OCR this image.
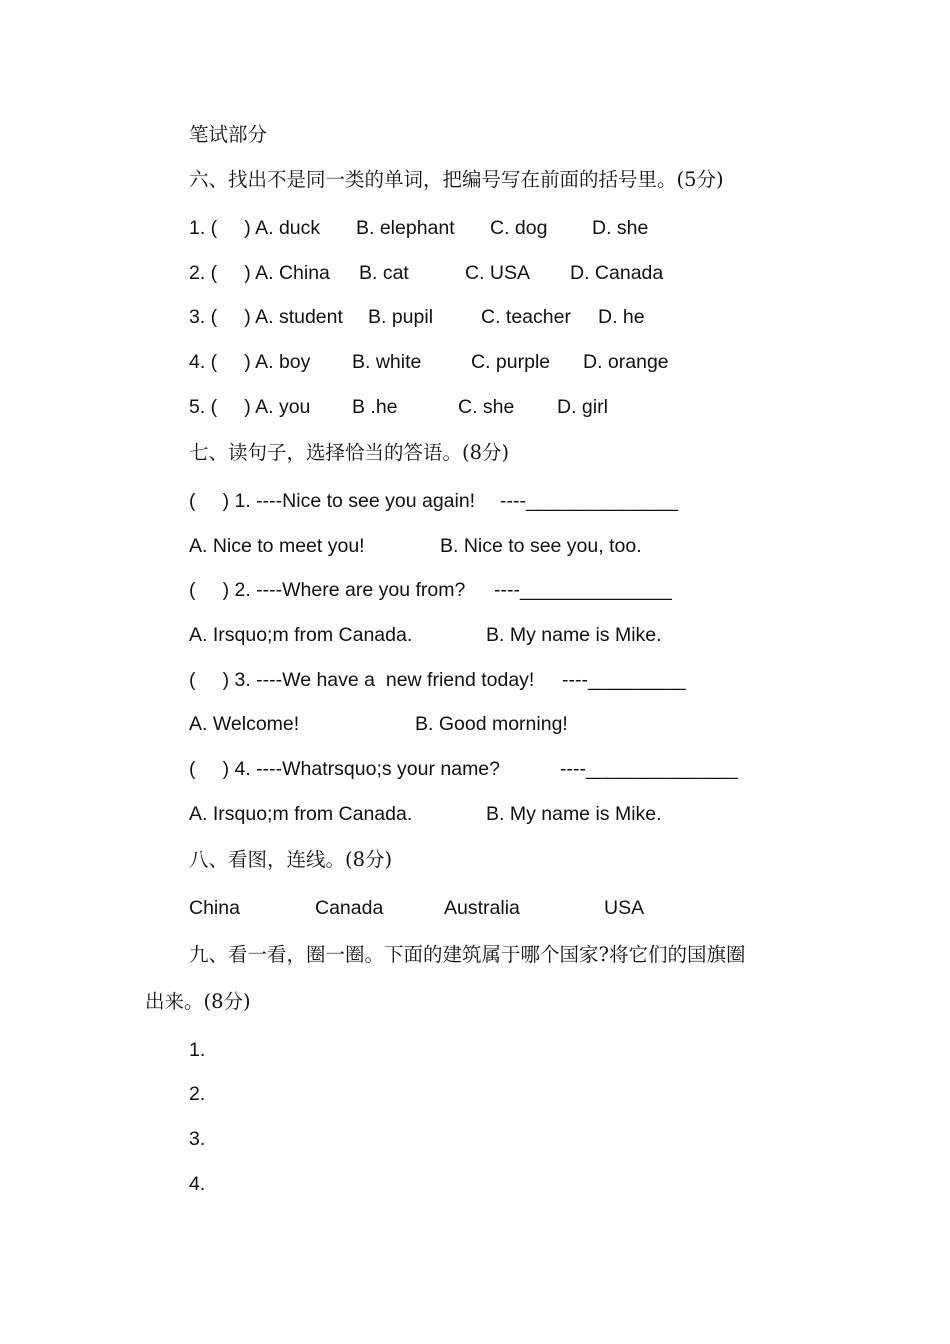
笔试部分
六、找出不是同一类的单词，把编号写在前面的括号里。(5分)

1. (     ) A. duck

B. elephant

C. dog

D. she

2. (     ) A. China

B. cat

	C. USA

D. Canada

3. (     ) A. student

B. pupil

C. teacher

D. he

4. (     ) A. boy

B. white

	C. purple

D. orange

5. (     ) A. you

B .he

	C. she

D. girl

七、读句子，选择恰当的答语。(8分)

(     ) 1. ----Nice to see you again!

----______________

A. Nice to meet you!

	B. Nice to see you, too.

(     ) 2. ----Where are you from?

----______________

A. Irsquo;m from Canada.

	B. My name is Mike.

(     ) 3. ----We have a  new friend today!

----_________

A. Welcome!

	B. Good morning!

(     ) 4. ----Whatrsquo;s your name?

	----______________

A. Irsquo;m from Canada.

	B. My name is Mike.

八、看图，连线。(8分)

China

	Canada

	Australia

	USA

九、看一看，圈一圈。下面的建筑属于哪个国家?将它们的国旗圈
出来。(8分)
1.
2.
3.
4.
